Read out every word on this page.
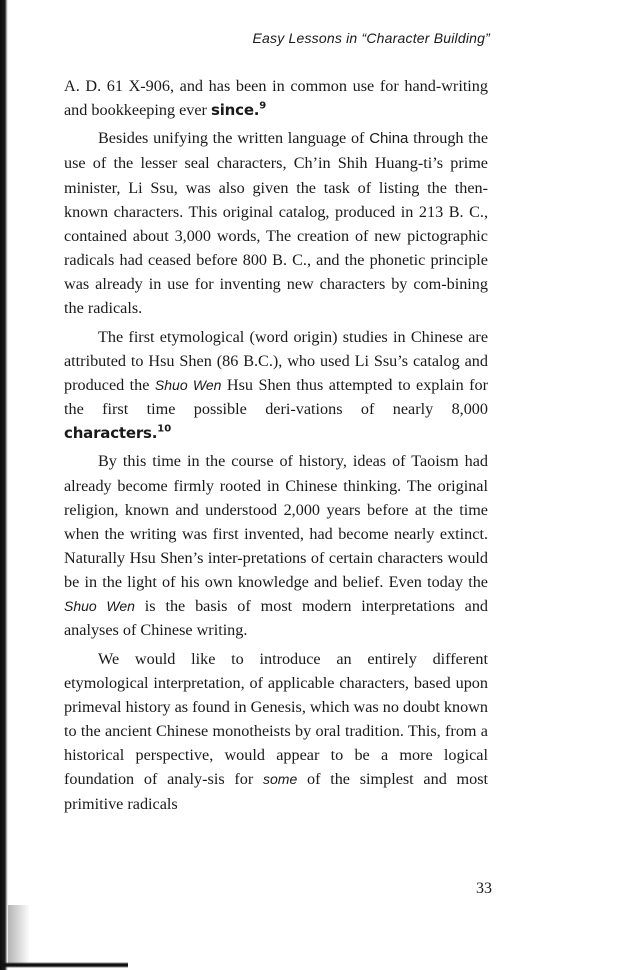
Easy Lessons in “Character Building”

A. D. 61 X-906, and has been in common use for hand-writing and bookkeeping ever since.$^9$

Besides unifying the written language of China through the use of the lesser seal characters, Ch’in Shih Huang-ti’s prime minister, Li Ssu, was also given the task of listing the then-known characters. This original catalog, produced in 213 B. C., contained about 3,000 words, The creation of new pictographic radicals had ceased before 800 B. C., and the phonetic principle was already in use for inventing new characters by com-bining the radicals.

The first etymological (word origin) studies in Chinese are attributed to Hsu Shen (86 B.C.), who used Li Ssu’s catalog and produced the Shuo Wen Hsu Shen thus attempted to explain for the first time possible deri-vations of nearly 8,000 characters.$^{10}$

By this time in the course of history, ideas of Taoism had already become firmly rooted in Chinese thinking. The original religion, known and understood 2,000 years before at the time when the writing was first invented, had become nearly extinct. Naturally Hsu Shen’s inter-pretations of certain characters would be in the light of his own knowledge and belief. Even today the Shuo Wen is the basis of most modern interpretations and analyses of Chinese writing.

We would like to introduce an entirely different etymological interpretation, of applicable characters, based upon primeval history as found in Genesis, which was no doubt known to the ancient Chinese monotheists by oral tradition. This, from a historical perspective, would appear to be a more logical foundation of analy-sis for some of the simplest and most primitive radicals

33
